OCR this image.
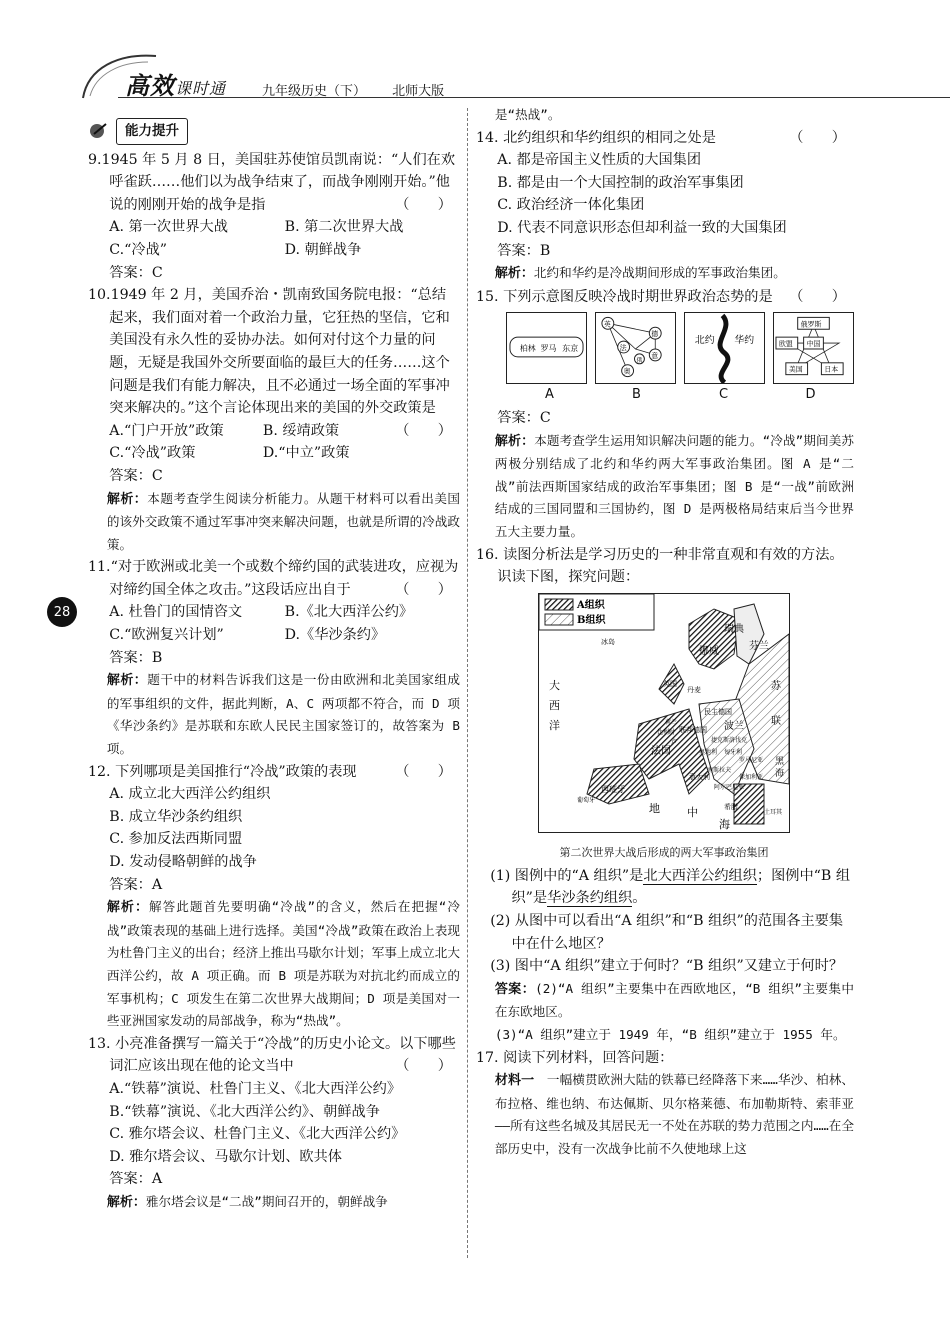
高效课时通	九年级历史（下） 北师大版
28
能力提升

9.1945 年 5 月 8 日，美国驻苏使馆员凯南说：“人们在欢呼雀跃……他们以为战争结束了，而战争刚刚开始。”他说的刚刚开始的战争是指	（　　）

A. 第一次世界大战	B. 第二次世界大战
C.“冷战”	D. 朝鲜战争
答案：C

10.1949 年 2 月，美国乔治・凯南致国务院电报：“总结起来，我们面对着一个政治力量，它狂热的坚信，它和美国没有永久性的妥协办法。如何对付这个力量的问题，无疑是我国外交所要面临的最巨大的任务……这个问题是我们有能力解决，且不必通过一场全面的军事冲突来解决的。”这个言论体现出来的美国的外交政策是
（　　）

A.“门户开放”政策	B. 绥靖政策
C.“冷战”政策	D.“中立”政策
答案：C
解析：本题考查学生阅读分析能力。从题干材料可以看出美国的该外交政策不通过军事冲突来解决问题，也就是所谓的冷战政策。

11.“对于欧洲或北美一个或数个缔约国的武装进攻，应视为对缔约国全体之攻击。”这段话应出自于	（　　）

A. 杜鲁门的国情咨文	B.《北大西洋公约》
C.“欧洲复兴计划”	D.《华沙条约》
答案：B
解析：题干中的材料告诉我们这是一份由欧洲和北美国家组成的军事组织的文件，据此判断，A、C 两项都不符合，而 D 项《华沙条约》是苏联和东欧人民民主国家签订的，故答案为 B 项。

12. 下列哪项是美国推行“冷战”政策的表现	（　　）

A. 成立北大西洋公约组织
B. 成立华沙条约组织
C. 参加反法西斯同盟
D. 发动侵略朝鲜的战争
答案：A
解析：解答此题首先要明确“冷战”的含义，然后在把握“冷战”政策表现的基础上进行选择。美国“冷战”政策在政治上表现为杜鲁门主义的出台；经济上推出马歇尔计划；军事上成立北大西洋公约，故 A 项正确。而 B 项是苏联为对抗北约而成立的军事机构；C 项发生在第二次世界大战期间；D 项是美国对一些亚洲国家发动的局部战争，称为“热战”。

13. 小亮准备撰写一篇关于“冷战”的历史小论文。以下哪些词汇应该出现在他的论文当中	（　　）

A.“铁幕”演说、杜鲁门主义、《北大西洋公约》
B.“铁幕”演说、《北大西洋公约》、朝鲜战争
C. 雅尔塔会议、杜鲁门主义、《北大西洋公约》
D. 雅尔塔会议、马歇尔计划、欧共体
答案：A
解析：雅尔塔会议是“二战”期间召开的，朝鲜战争
是“热战”。

14. 北约组织和华约组织的相同之处是	（　　）

A. 都是帝国主义性质的大国集团
B. 都是由一个大国控制的政治军事集团
C. 政治经济一体化集团
D. 代表不同意识形态但却利益一致的大国集团
答案：B
解析：北约和华约是冷战期间形成的军事政治集团。

15. 下列示意图反映冷战时期世界政治态势的是 （　　）

柏林 罗马 东京
英
德
法
意
奥
俄
北约 华约
俄罗斯
中国
欧盟
美国	日本
A	B	C	D
答案：C
解析：本题考查学生运用知识解决问题的能力。“冷战”期间美苏两极分别结成了北约和华约两大军事政治集团。图 A 是“二战”前法西斯国家结成的政治军事集团；图 B 是“一战”前欧洲结成的三国同盟和三国协约，图 D 是两极格局结束后当今世界五大主要力量。

16. 读图分析法是学习历史的一种非常直观和有效的方法。识读下图，探究问题：

A组织
B组织
大
西
洋
挪威
瑞典
芬兰
苏
联
英国
丹麦
民主德国
联邦德国 波兰
法国
比利时
荷兰
捷克斯洛伐克
奥地利 匈牙利
罗马尼亚
保加利亚
南斯拉夫
阿尔巴尼亚
希腊
土耳其
意大利
西班牙
葡萄牙
地 中
海
黑
海
冰岛
卢
第二次世界大战后形成的两大军事政治集团
(1) 图例中的“A 组织”是北大西洋公约组织；图例中“B 组织”是华沙条约组织。
(2) 从图中可以看出“A 组织”和“B 组织”的范围各主要集中在什么地区？
(3) 图中“A 组织”建立于何时？“B 组织”又建立于何时？
答案：(2)“A 组织”主要集中在西欧地区，“B 组织”主要集中在东欧地区。
(3)“A 组织”建立于 1949 年，“B 组织”建立于 1955 年。

17. 阅读下列材料，回答问题：

材料一　 一幅横贯欧洲大陆的铁幕已经降落下来……华沙、柏林、布拉格、维也纳、布达佩斯、贝尔格莱德、布加勒斯特、索菲亚——所有这些名城及其居民无一不处在苏联的势力范围之内……在全部历史中，没有一次战争比前不久使地球上这
